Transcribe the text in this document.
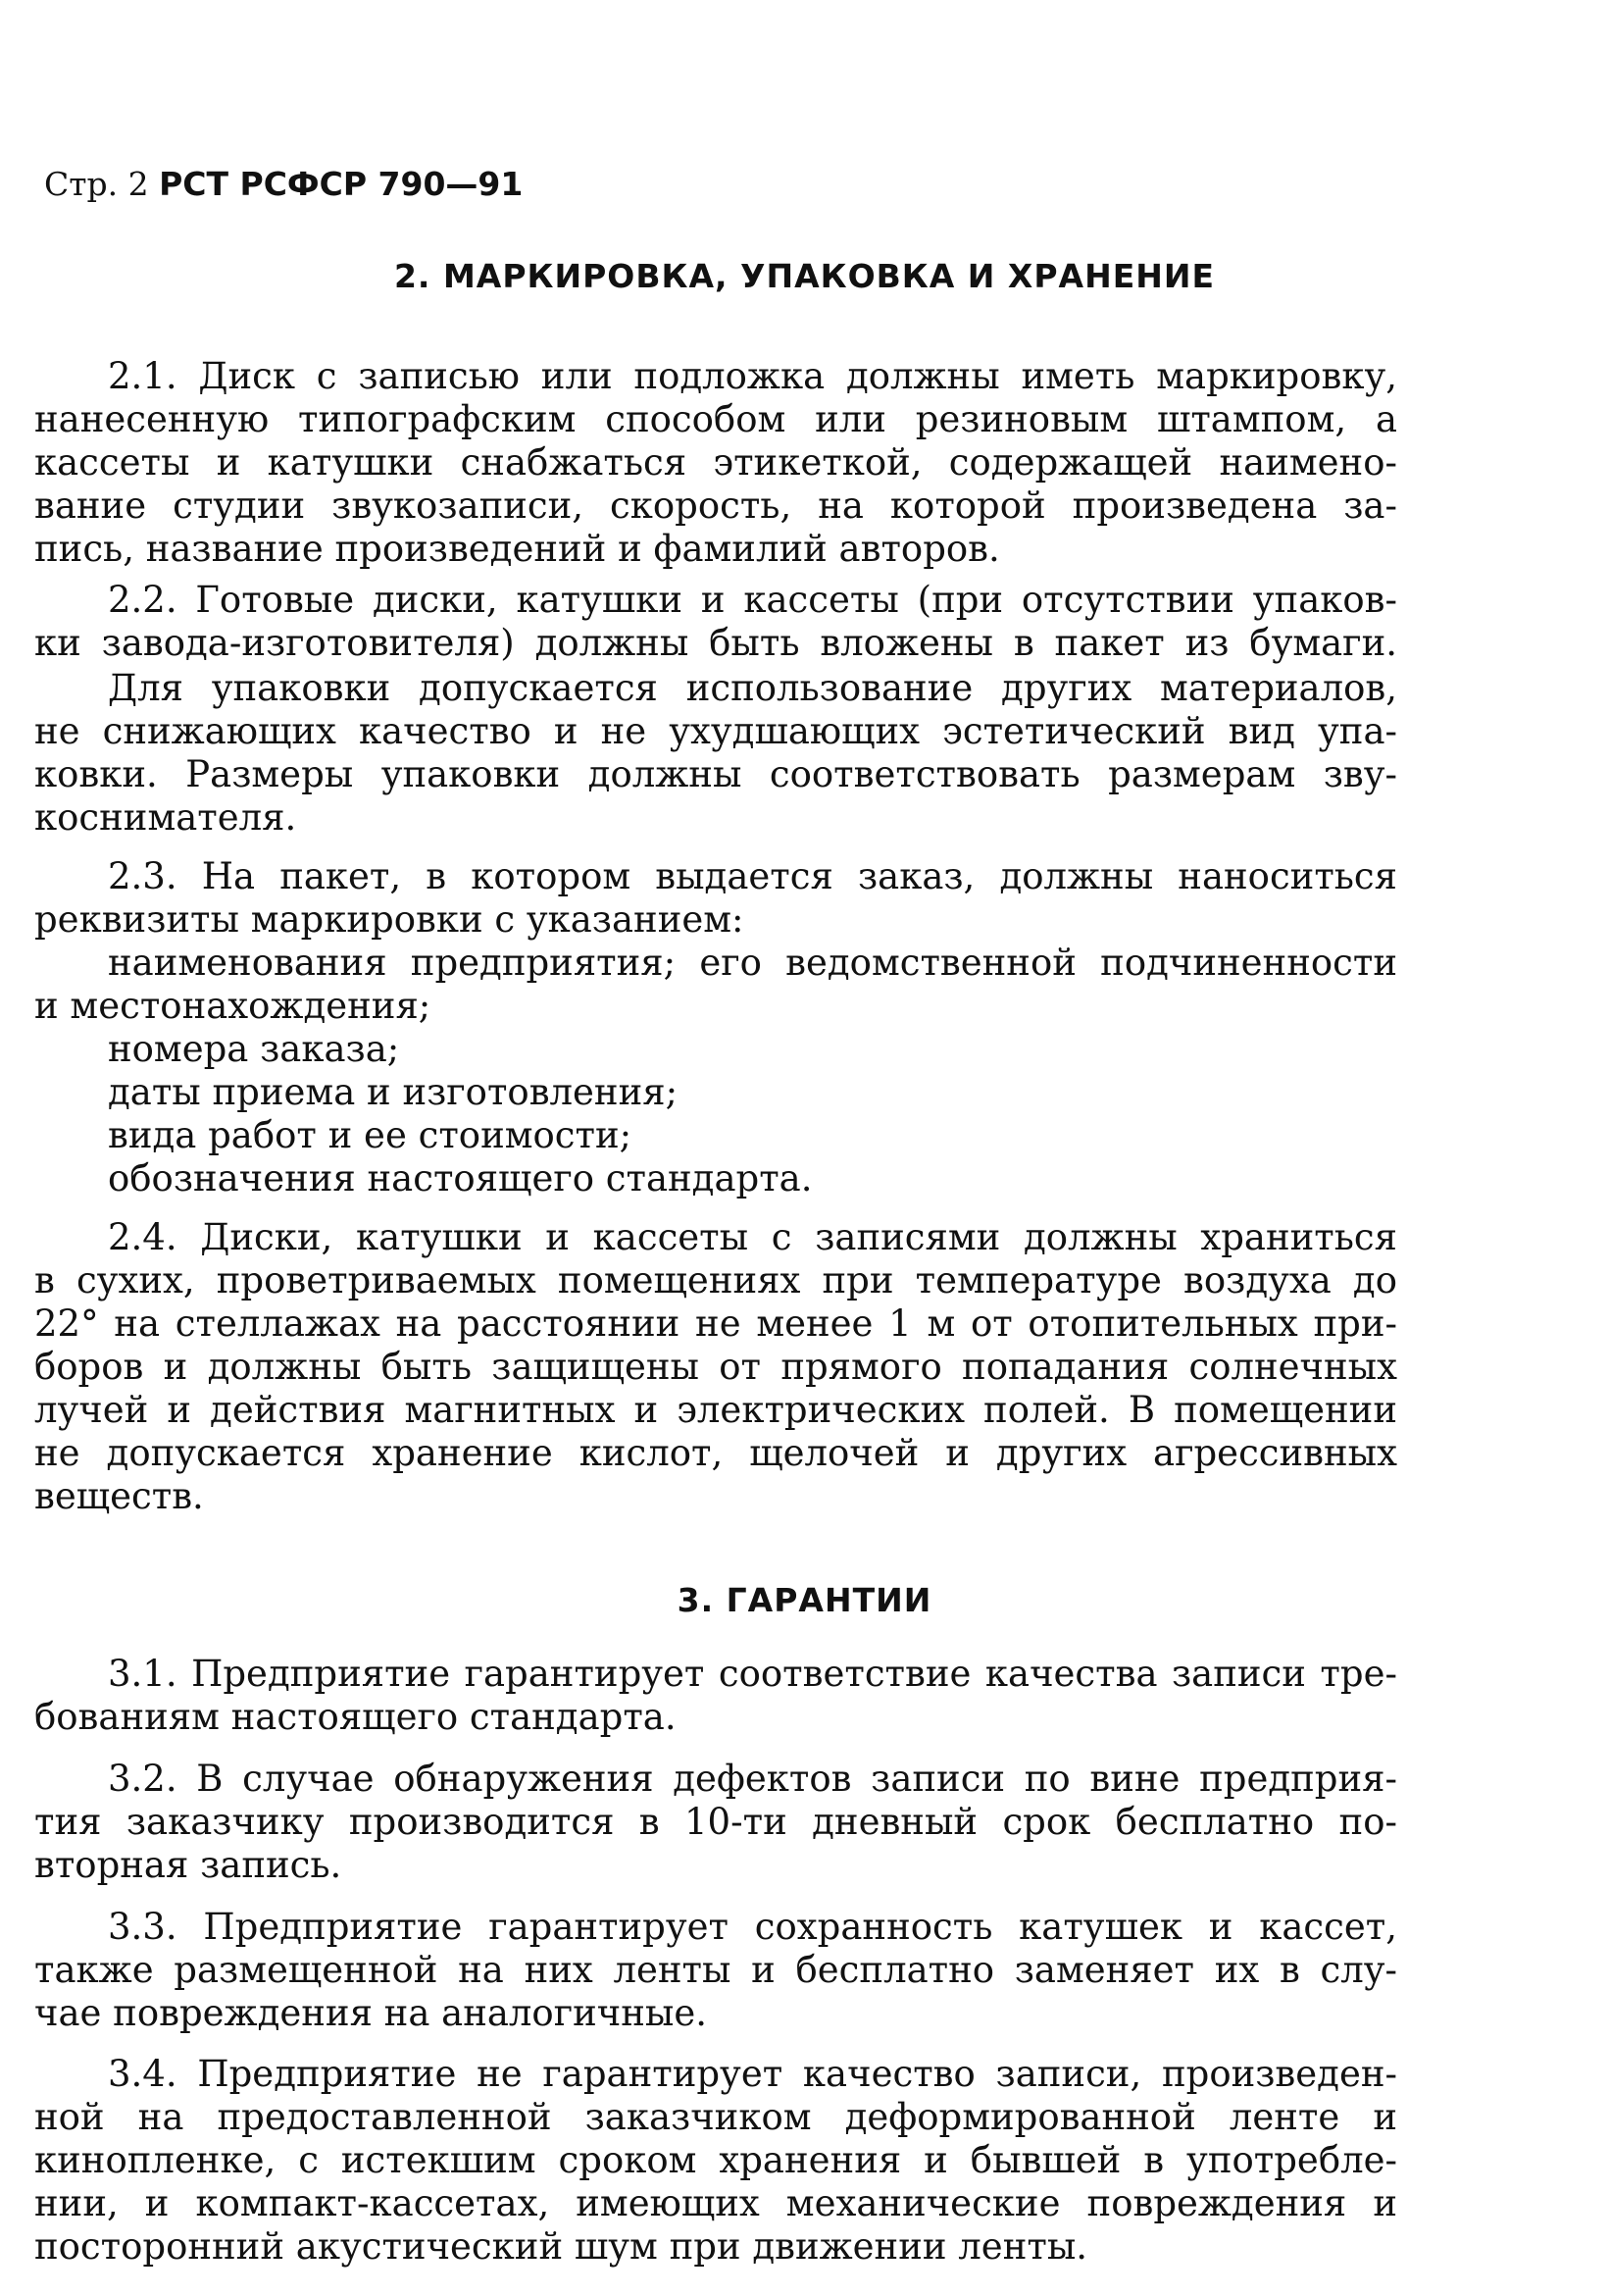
Стр. 2 РСТ РСФСР 790—91
2. МАРКИРОВКА, УПАКОВКА И ХРАНЕНИЕ
2.1. Диск с записью или подложка должны иметь маркировку,
нанесенную типографским способом или резиновым штампом, а
кассеты и катушки снабжаться этикеткой, содержащей наимено-
вание студии звукозаписи, скорость, на которой произведена за-
пись, название произведений и фамилий авторов.
2.2. Готовые диски, катушки и кассеты (при отсутствии упаков-
ки завода-изготовителя) должны быть вложены в пакет из бумаги.
Для упаковки допускается использование других материалов,
не снижающих качество и не ухудшающих эстетический вид упа-
ковки. Размеры упаковки должны соответствовать размерам зву-
коснимателя.
2.3. На пакет, в котором выдается заказ, должны наноситься
реквизиты маркировки с указанием:
наименования предприятия; его ведомственной подчиненности
и местонахождения;
номера заказа;
даты приема и изготовления;
вида работ и ее стоимости;
обозначения настоящего стандарта.
2.4. Диски, катушки и кассеты с записями должны храниться
в сухих, проветриваемых помещениях при температуре воздуха до
22° на стеллажах на расстоянии не менее 1 м от отопительных при-
боров и должны быть защищены от прямого попадания солнечных
лучей и действия магнитных и электрических полей. В помещении
не допускается хранение кислот, щелочей и других агрессивных
веществ.
3. ГАРАНТИИ
3.1. Предприятие гарантирует соответствие качества записи тре-
бованиям настоящего стандарта.
3.2. В случае обнаружения дефектов записи по вине предприя-
тия заказчику производится в 10-ти дневный срок бесплатно по-
вторная запись.
3.3. Предприятие гарантирует сохранность катушек и кассет,
также размещенной на них ленты и бесплатно заменяет их в слу-
чае повреждения на аналогичные.
3.4. Предприятие не гарантирует качество записи, произведен-
ной на предоставленной заказчиком деформированной ленте и
кинопленке, с истекшим сроком хранения и бывшей в употребле-
нии, и компакт-кассетах, имеющих механические повреждения и
посторонний акустический шум при движении ленты.
